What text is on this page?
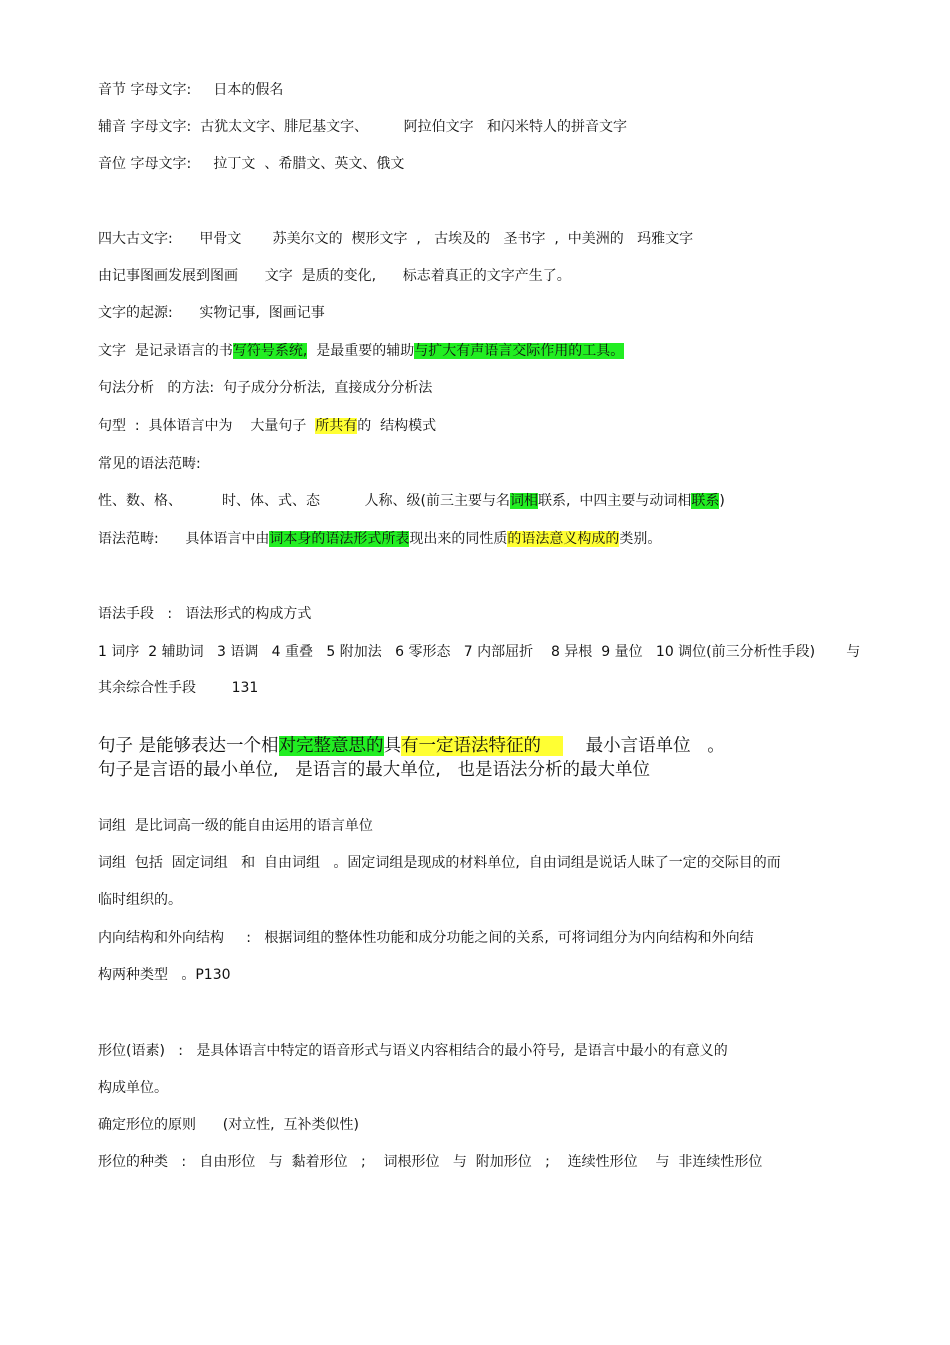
音节 字母文字:     日本的假名
辅音 字母文字:  古犹太文字、腓尼基文字、        阿拉伯文字   和闪米特人的拼音文字
音位 字母文字:     拉丁文  、希腊文、英文、俄文
四大古文字:      甲骨文       苏美尔文的  楔形文字  ,   古埃及的   圣书字  ,  中美洲的   玛雅文字
由记事图画发展到图画      文字  是质的变化,      标志着真正的文字产生了。
文字的起源:      实物记事,  图画记事
文字  是记录语言的书写符号系统,  是最重要的辅助与扩大有声语言交际作用的工具。
句法分析   的方法:  句子成分分析法,  直接成分分析法
句型  :  具体语言中为    大量句子  所共有的  结构模式
常见的语法范畴:
性、数、格、         时、体、式、态          人称、级(前三主要与名词相联系,  中四主要与动词相联系)
语法范畴:      具体语言中由词本身的语法形式所表现出来的同性质的语法意义构成的类别。
语法手段   :   语法形式的构成方式
1 词序  2 辅助词   3 语调   4 重叠   5 附加法   6 零形态   7 内部屈折    8 异根  9 量位   10 调位(前三分析性手段)       与
其余综合性手段        131
句子 是能够表达一个相对完整意思的具有一定语法特征的        最小言语单位   。
句子是言语的最小单位,   是语言的最大单位,   也是语法分析的最大单位
词组  是比词高一级的能自由运用的语言单位
词组  包括  固定词组   和  自由词组   。固定词组是现成的材料单位,  自由词组是说话人昧了一定的交际目的而
临时组织的。
内向结构和外向结构     :   根据词组的整体性功能和成分功能之间的关系,  可将词组分为内向结构和外向结
构两种类型   。P130
形位(语素)   :   是具体语言中特定的语音形式与语义内容相结合的最小符号,  是语言中最小的有意义的
构成单位。
确定形位的原则      (对立性,  互补类似性)
形位的种类   :   自由形位   与  黏着形位   ;    词根形位   与  附加形位   ;    连续性形位    与  非连续性形位
